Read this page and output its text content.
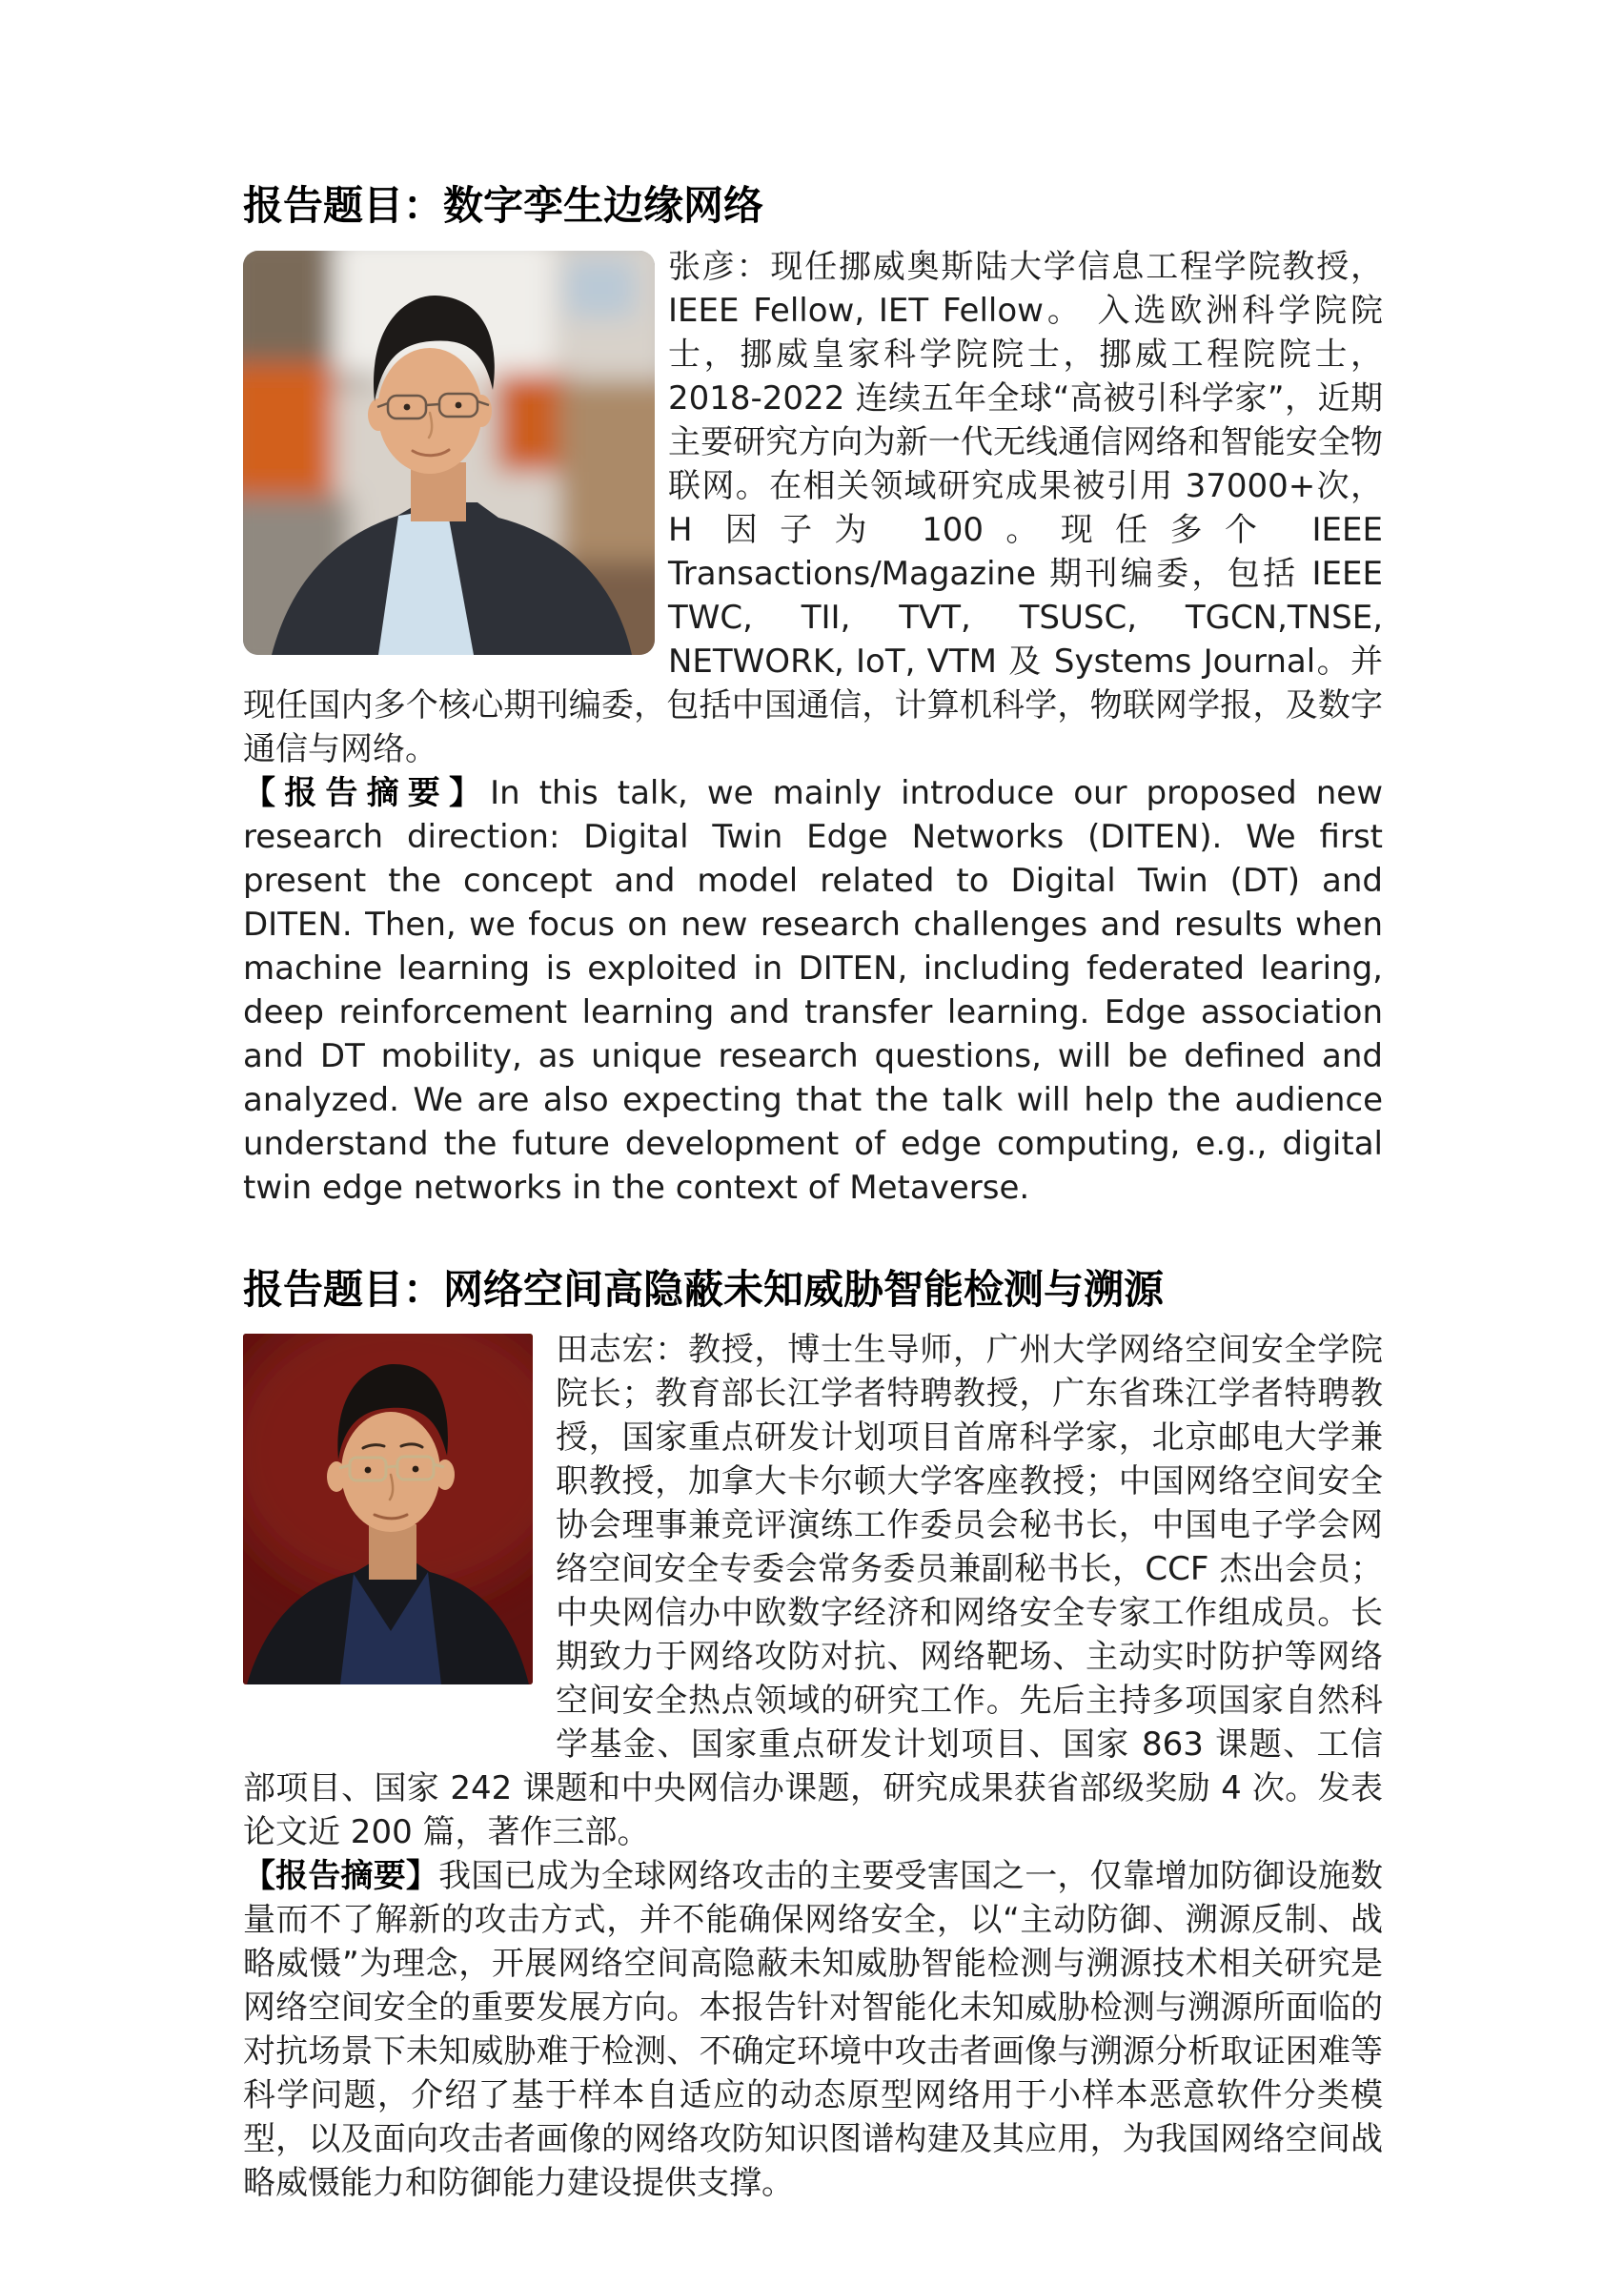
报告题目：数字孪生边缘网络
张彦：现任挪威奥斯陆大学信息工程学院教授，IEEE Fellow, IET Fellow。 入选欧洲科学院院士，挪威皇家科学院院士，挪威工程院院士，2018-2022 连续五年全球“高被引科学家”，近期主要研究方向为新一代无线通信网络和智能安全物联网。在相关领域研究成果被引用 37000+次，H 因子为 100。现任多个 IEEE Transactions/Magazine 期刊编委，包括 IEEE TWC, TII, TVT, TSUSC, TGCN,TNSE, NETWORK, IoT, VTM 及 Systems Journal。并现任国内多个核心期刊编委，包括中国通信，计算机科学，物联网学报，及数字通信与网络。

【报告摘要】In this talk, we mainly introduce our proposed new research direction: Digital Twin Edge Networks (DITEN). We first present the concept and model related to Digital Twin (DT) and DITEN. Then, we focus on new research challenges and results when machine learning is exploited in DITEN, including federated learing, deep reinforcement learning and transfer learning. Edge association and DT mobility, as unique research questions, will be defined and analyzed. We are also expecting that the talk will help the audience understand the future development of edge computing, e.g., digital twin edge networks in the context of Metaverse.

报告题目：网络空间高隐蔽未知威胁智能检测与溯源
田志宏：教授，博士生导师，广州大学网络空间安全学院院长；教育部长江学者特聘教授，广东省珠江学者特聘教授，国家重点研发计划项目首席科学家，北京邮电大学兼职教授，加拿大卡尔顿大学客座教授；中国网络空间安全协会理事兼竞评演练工作委员会秘书长，中国电子学会网络空间安全专委会常务委员兼副秘书长，CCF 杰出会员；中央网信办中欧数字经济和网络安全专家工作组成员。长期致力于网络攻防对抗、网络靶场、主动实时防护等网络空间安全热点领域的研究工作。先后主持多项国家自然科学基金、国家重点研发计划项目、国家 863 课题、工信部项目、国家 242 课题和中央网信办课题，研究成果获省部级奖励 4 次。发表论文近 200 篇，著作三部。

【报告摘要】我国已成为全球网络攻击的主要受害国之一，仅靠增加防御设施数量而不了解新的攻击方式，并不能确保网络安全，以“主动防御、溯源反制、战略威慑”为理念，开展网络空间高隐蔽未知威胁智能检测与溯源技术相关研究是网络空间安全的重要发展方向。本报告针对智能化未知威胁检测与溯源所面临的对抗场景下未知威胁难于检测、不确定环境中攻击者画像与溯源分析取证困难等科学问题，介绍了基于样本自适应的动态原型网络用于小样本恶意软件分类模型，以及面向攻击者画像的网络攻防知识图谱构建及其应用，为我国网络空间战略威慑能力和防御能力建设提供支撑。
